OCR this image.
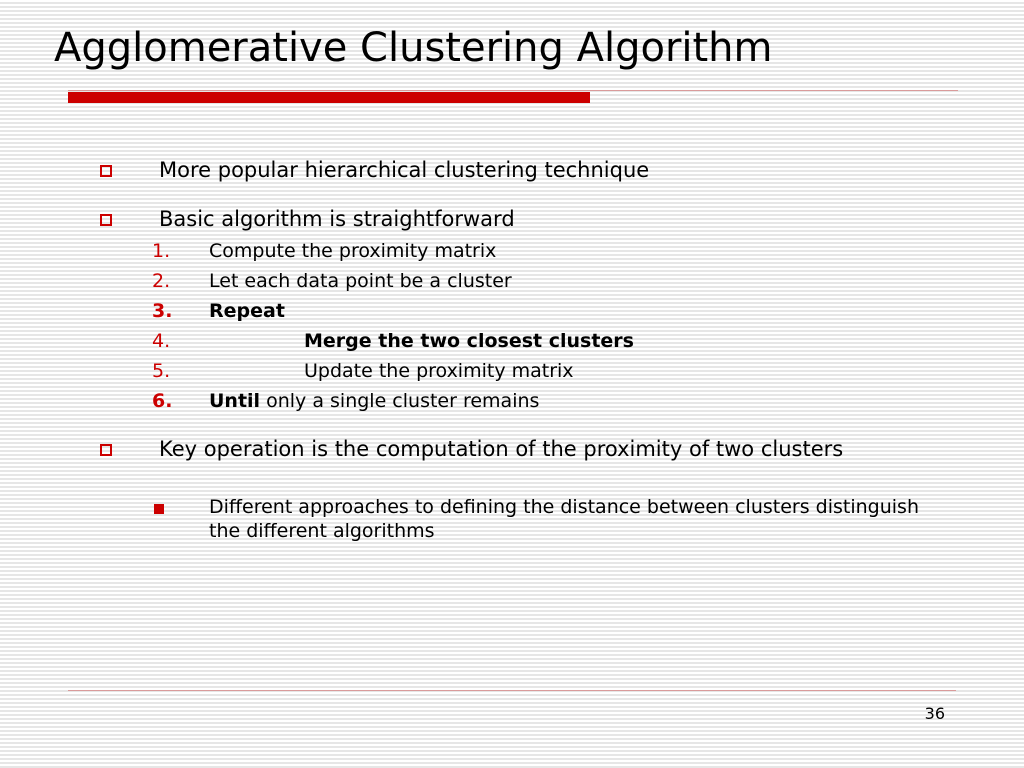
Agglomerative Clustering Algorithm
More popular hierarchical clustering technique
Basic algorithm is straightforward
1.	Compute the proximity matrix
2.	Let each data point be a cluster
3.	Repeat
4.	Merge the two closest clusters
5.	Update the proximity matrix
6.	Until only a single cluster remains
Key operation is the computation of the proximity of two clusters
Different approaches to defining the distance between clusters distinguish the different algorithms
36
